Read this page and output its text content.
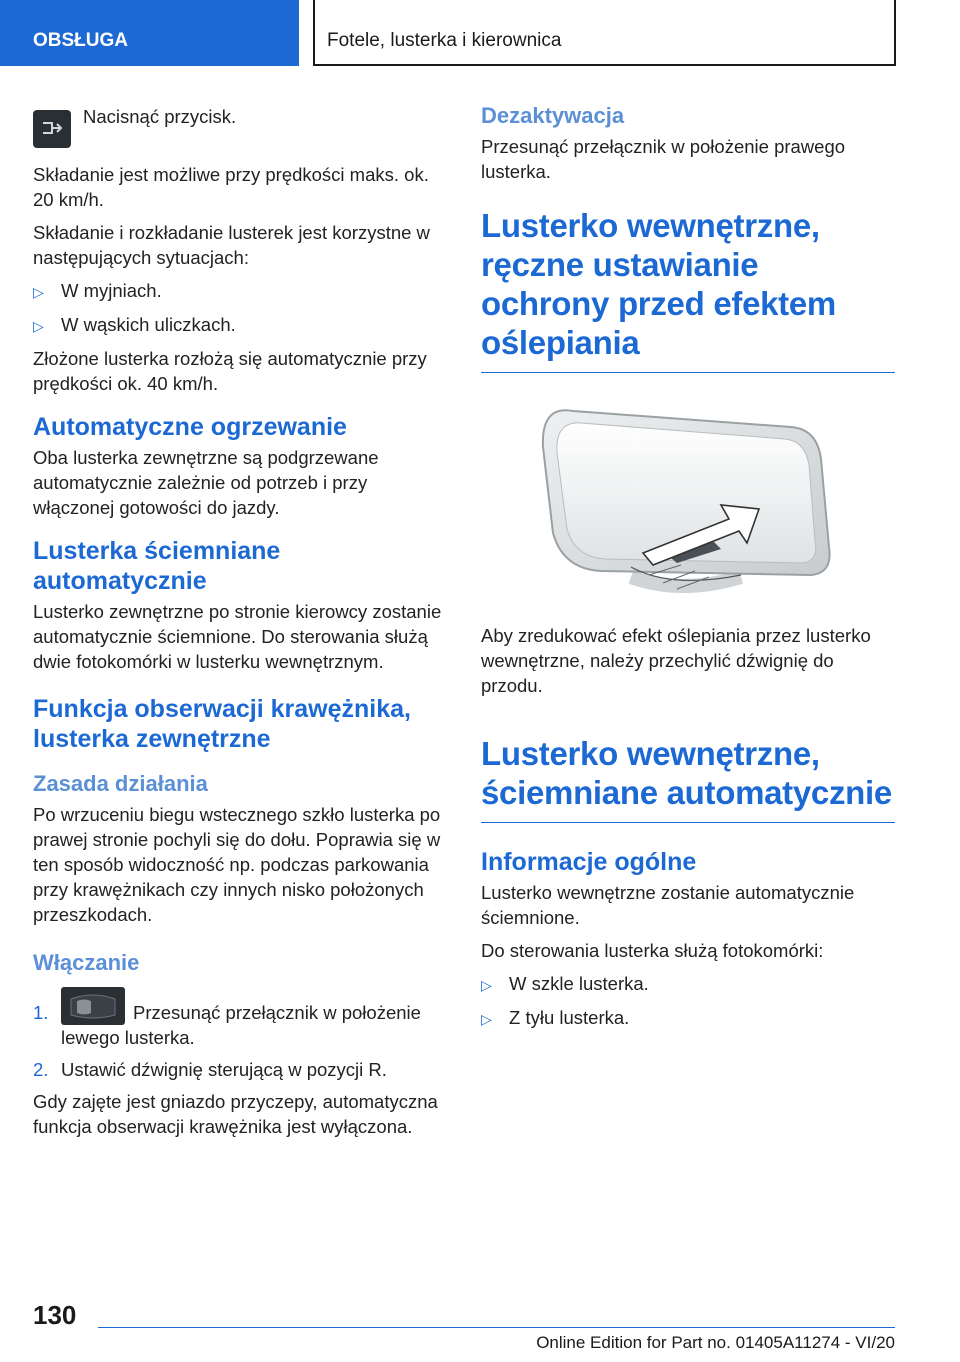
OBSŁUGA	Fotele, lusterka i kierownica
Nacisnąć przycisk.

Składanie jest możliwe przy prędkości maks. ok. 20 km/h.

Składanie i rozkładanie lusterek jest korzystne w następujących sytuacjach:

▷ W myjniach.
▷ W wąskich uliczkach.

Złożone lusterka rozłożą się automatycznie przy prędkości ok. 40 km/h.

Automatyczne ogrzewanie

Oba lusterka zewnętrzne są podgrzewane automatycznie zależnie od potrzeb i przy włączonej gotowości do jazdy.

Lusterka ściemniane automatycznie

Lusterko zewnętrzne po stronie kierowcy zostanie automatycznie ściemnione. Do sterowania służą dwie fotokomórki w lusterku wewnętrznym.

Funkcja obserwacji krawężnika, lusterka zewnętrzne
Zasada działania

Po wrzuceniu biegu wstecznego szkło lusterka po prawej stronie pochyli się do dołu. Poprawia się w ten sposób widoczność np. podczas parkowania przy krawężnikach czy innych nisko położonych przeszkodach.

Włączanie
1.	Przesunąć przełącznik w położenie lewego lusterka.
2. Ustawić dźwignię sterującą w pozycji R.

Gdy zajęte jest gniazdo przyczepy, automatyczna funkcja obserwacji krawężnika jest wyłączona.

Dezaktywacja

Przesunąć przełącznik w położenie prawego lusterka.

Lusterko wewnętrzne, ręczne ustawianie ochrony przed efektem oślepiania

Aby zredukować efekt oślepiania przez lusterko wewnętrzne, należy przechylić dźwignię do przodu.

Lusterko wewnętrzne, ściemniane automatycznie
Informacje ogólne

Lusterko wewnętrzne zostanie automatycznie ściemnione.

Do sterowania lusterka służą fotokomórki:

▷ W szkle lusterka.
▷ Z tyłu lusterka.
130
Online Edition for Part no. 01405A11274 - VI/20
